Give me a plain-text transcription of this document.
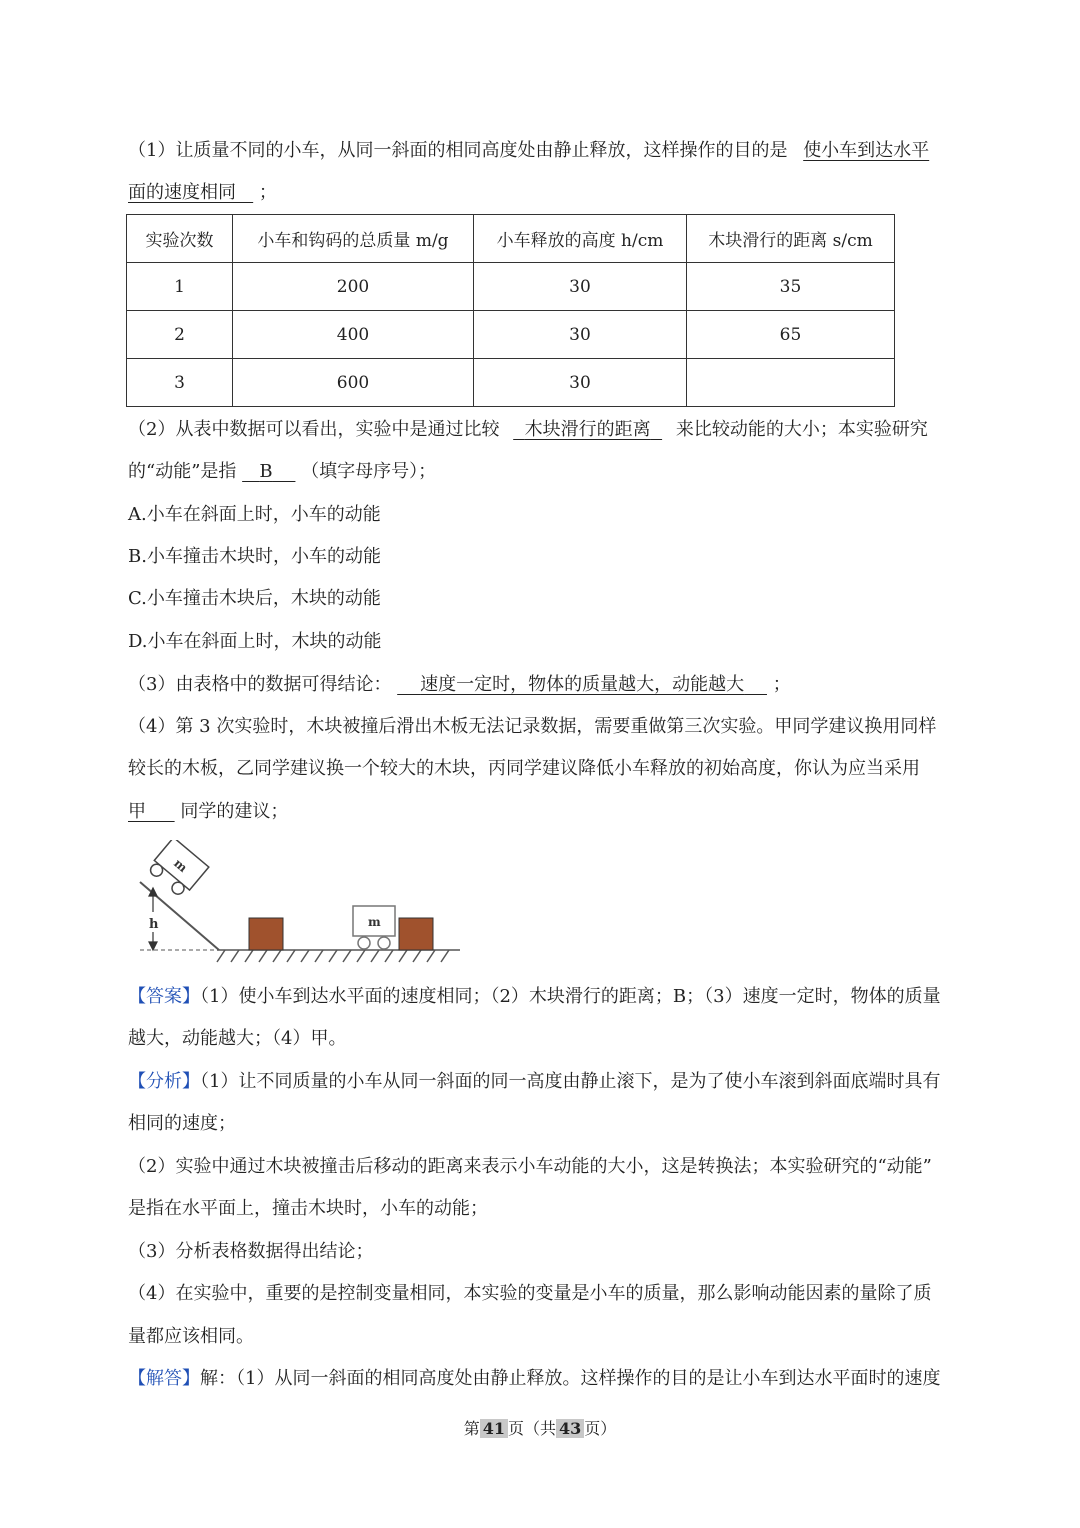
（1）让质量不同的小车，从同一斜面的相同高度处由静止释放，这样操作的目的是 使小车到达水平
面的速度相同 ；
实验次数	小车和钩码的总质量 m/g	小车释放的高度 h/cm	木块滑行的距离 s/cm
1	200	30	35
2	400	30	65
3	600	30	
（2）从表中数据可以看出，实验中是通过比较 木块滑行的距离 来比较动能的大小；本实验研究
的“动能”是指 B （填字母序号）；
A.小车在斜面上时，小车的动能
B.小车撞击木块时，小车的动能
C.小车撞击木块后，木块的动能
D.小车在斜面上时，木块的动能
（3）由表格中的数据可得结论： 速度一定时，物体的质量越大，动能越大 ；
（4）第 3 次实验时，木块被撞后滑出木板无法记录数据，需要重做第三次实验。甲同学建议换用同样
较长的木板，乙同学建议换一个较大的木块，丙同学建议降低小车释放的初始高度，你认为应当采用
甲 同学的建议；
h
m
m
【答案】（1）使小车到达水平面的速度相同；（2）木块滑行的距离；B；（3）速度一定时，物体的质量
越大，动能越大；（4）甲。
【分析】（1）让不同质量的小车从同一斜面的同一高度由静止滚下，是为了使小车滚到斜面底端时具有
相同的速度；
（2）实验中通过木块被撞击后移动的距离来表示小车动能的大小，这是转换法；本实验研究的“动能”
是指在水平面上，撞击木块时，小车的动能；
（3）分析表格数据得出结论；
（4）在实验中，重要的是控制变量相同，本实验的变量是小车的质量，那么影响动能因素的量除了质
量都应该相同。
【解答】解：（1）从同一斜面的相同高度处由静止释放。这样操作的目的是让小车到达水平面时的速度
第 41 页（共 43 页）
